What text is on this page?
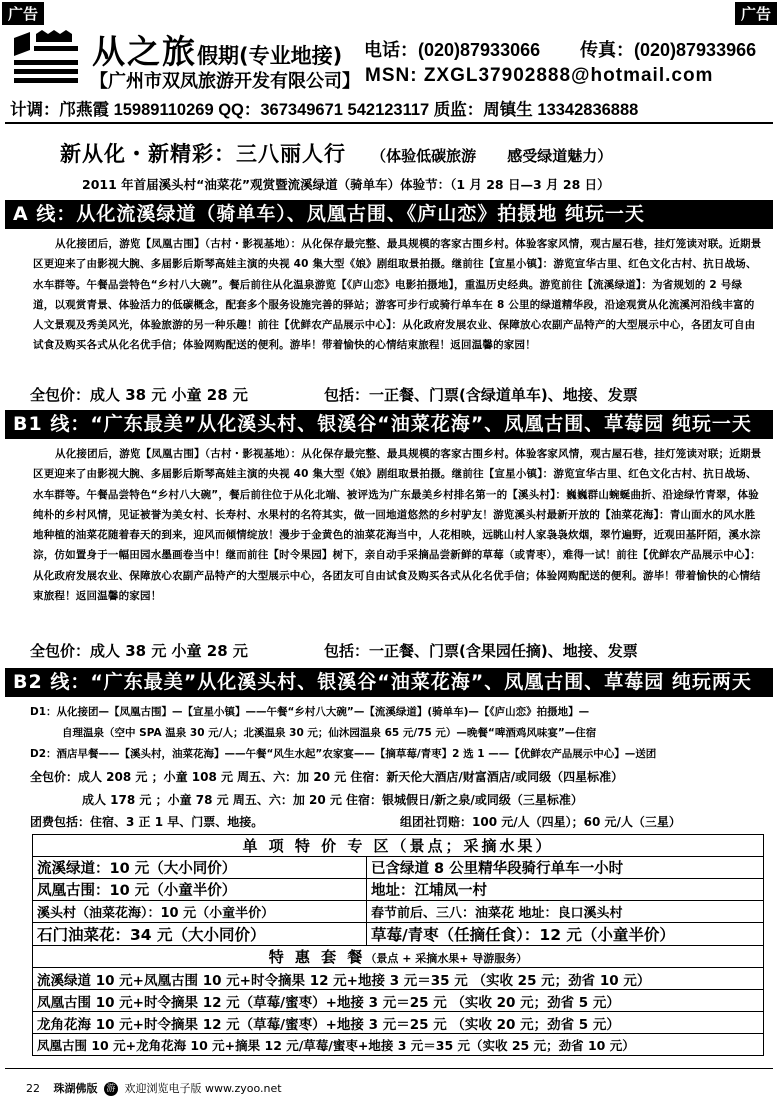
广告	广告
从之旅假期(专业地接) 电话：(020)87933066 传真：(020)87933966
【广州市双凤旅游开发有限公司】 MSN: ZXGL37902888@hotmail.com
计调：邝燕霞 15989110269 QQ：367349671 542123117 质监：周镇生 13342836888
新从化・新精彩：三八丽人行 （体验低碳旅游 感受绿道魅力）
2011 年首届溪头村“油菜花”观赏暨流溪绿道（骑单车）体验节：（1 月 28 日—3 月 28 日）
A 线：从化流溪绿道（骑单车）、凤凰古围、《庐山恋》拍摄地 纯玩一天

从化接团后，游览【凤凰古围】（古村・影视基地）：从化保存最完整、最具规模的客家古围乡村。体验客家风情，观古屋石巷，挂灯笼读对联。近期景区更迎来了由影视大腕、多届影后斯琴高娃主演的央视 40 集大型《娘》剧组取景拍摄。继前往【宣星小镇】：游览宣华古里、红色文化古村、抗日战场、水车群等。午餐品尝特色“乡村八大碗”。餐后前往从化温泉游览【《庐山恋》电影拍摄地】，重温历史经典。游览前往【流溪绿道】：为省规划的 2 号绿道，以观赏青景、体验活力的低碳概念，配套多个服务设施完善的驿站；游客可步行或骑行单车在 8 公里的绿道精华段，沿途观赏从化流溪河沿线丰富的人文景观及秀美风光，体验旅游的另一种乐趣！前往【优鲜农产品展示中心】：从化政府发展农业、保障放心农副产品特产的大型展示中心，各团友可自由试食及购买各式从化名优手信；体验网购配送的便利。游毕！带着愉快的心情结束旅程！返回温馨的家园！

全包价：成人 38 元 小童 28 元	包括：一正餐、门票(含绿道单车)、地接、发票
B1 线：“广东最美”从化溪头村、银溪谷“油菜花海”、凤凰古围、草莓园 纯玩一天

从化接团后，游览【凤凰古围】（古村・影视基地）：从化保存最完整、最具规模的客家古围乡村。体验客家风情，观古屋石巷，挂灯笼读对联；近期景区更迎来了由影视大腕、多届影后斯琴高娃主演的央视 40 集大型《娘》剧组取景拍摄。继前往【宣星小镇】：游览宣华古里、红色文化古村、抗日战场、水车群等。午餐品尝特色“乡村八大碗”，餐后前往位于从化北端、被评选为广东最美乡村排名第一的【溪头村】：巍巍群山蜿蜒曲折、沿途绿竹青翠，体验纯朴的乡村风情，见证被誉为美女村、长寿村、水果村的名符其实，做一回地道悠然的乡村驴友！游览溪头村最新开放的【油菜花海】：青山面水的风水胜地种植的油菜花随着春天的到来，迎风而倾情绽放！漫步于金黄色的油菜花海当中，人花相映，远眺山村人家袅袅炊烟，翠竹遍野，近观田基阡陌，溪水淙淙，仿如置身于一幅田园水墨画卷当中！继而前往【时令果园】树下，亲自动手采摘品尝新鲜的草莓（或青枣），难得一试！前往【优鲜农产品展示中心】：从化政府发展农业、保障放心农副产品特产的大型展示中心，各团友可自由试食及购买各式从化名优手信；体验网购配送的便利。游毕！带着愉快的心情结束旅程！返回温馨的家园！

全包价：成人 38 元 小童 28 元	包括：一正餐、门票(含果园任摘)、地接、发票
B2 线：“广东最美”从化溪头村、银溪谷“油菜花海”、凤凰古围、草莓园 纯玩两天
D1：从化接团—【凤凰古围】—【宣星小镇】——午餐“乡村八大碗”—【流溪绿道】(骑单车)—【《庐山恋》拍摄地】—
自理温泉（空中 SPA 温泉 30 元/人；北溪温泉 30 元；仙沐园温泉 65 元/75 元）—晚餐“啤酒鸡风味宴”—住宿
D2：酒店早餐——【溪头村，油菜花海】——午餐“风生水起”农家宴——【摘草莓/青枣】2 选 1 ——【优鲜农产品展示中心】—送团
全包价：成人 208 元 ；小童 108 元 周五、六：加 20 元 住宿：新天伦大酒店/财富酒店/或同级（四星标准）
成人 178 元 ；小童 78 元 周五、六：加 20 元 住宿：银城假日/新之泉/或同级（三星标准）
团费包括：住宿、3 正 1 早、门票、地接。	组团社罚赔：100 元/人（四星）；60 元/人（三星）
单 项 特 价 专 区（景点；采摘水果）	
流溪绿道：10 元（大小同价）	已含绿道 8 公里精华段骑行单车一小时
凤凰古围：10 元（小童半价）	地址：江埔凤一村
溪头村（油菜花海）：10 元（小童半价）	春节前后、三八：油菜花 地址：良口溪头村
石门油菜花：34 元（大小同价）	草莓/青枣（任摘任食）：12 元（小童半价）
特 惠 套 餐（景点 + 采摘水果+ 导游服务）	
流溪绿道 10 元+凤凰古围 10 元+时令摘果 12 元+地接 3 元＝35 元 （实收 25 元；劲省 10 元）	
凤凰古围 10 元+时令摘果 12 元（草莓/蜜枣）+地接 3 元＝25 元 （实收 20 元；劲省 5 元）	
龙角花海 10 元+时令摘果 12 元（草莓/蜜枣）+地接 3 元＝25 元 （实收 20 元；劲省 5 元）	
凤凰古围 10 元+龙角花海 10 元+摘果 12 元/草莓/蜜枣+地接 3 元＝35 元（实收 25 元；劲省 10 元）	
22 珠湖佛版 游 欢迎浏览电子版 www.zyoo.net
